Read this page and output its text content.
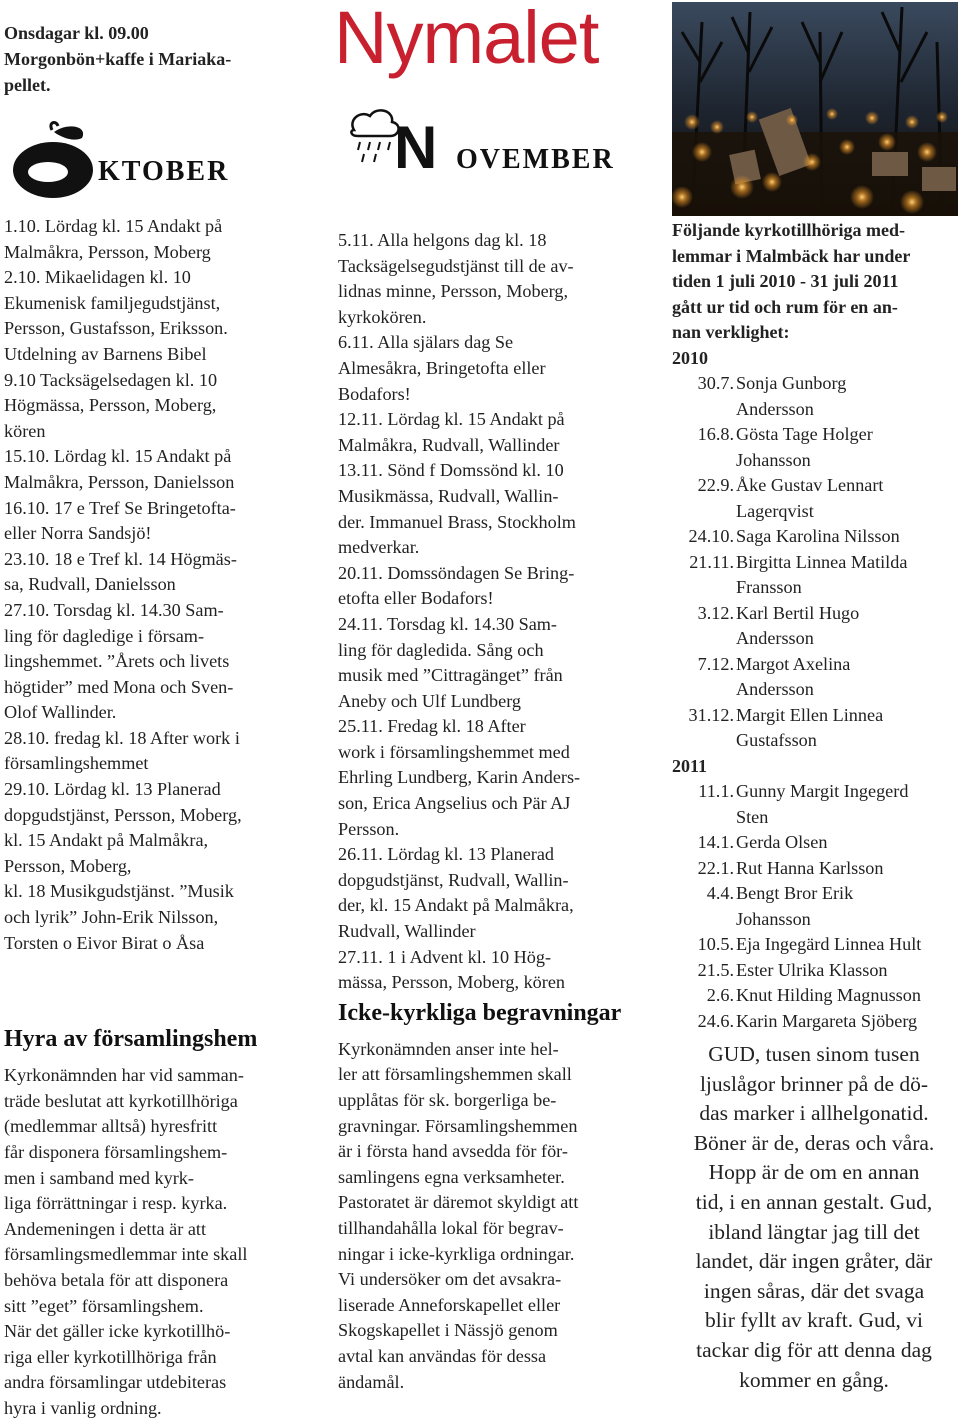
Nymalet
Onsdagar kl. 09.00
Morgonbön+kaffe i Mariaka-
pellet.
KTOBER
1.10. Lördag kl. 15 Andakt på
Malmåkra, Persson, Moberg
2.10. Mikaelidagen kl. 10
Ekumenisk familjegudstjänst,
Persson, Gustafsson, Eriksson.
Utdelning av Barnens Bibel
9.10 Tacksägelsedagen kl. 10
Högmässa, Persson, Moberg,
kören
15.10. Lördag kl. 15 Andakt på
Malmåkra, Persson, Danielsson
16.10. 17 e Tref Se Bringetofta-
eller Norra Sandsjö!
23.10. 18 e Tref kl. 14 Högmäs-
sa, Rudvall, Danielsson
27.10. Torsdag kl. 14.30 Sam-
ling för dagledige i försam-
lingshemmet. ”Årets och livets
högtider” med Mona och Sven-
Olof Wallinder.
28.10. fredag kl. 18 After work i
församlingshemmet
29.10. Lördag kl. 13 Planerad
dopgudstjänst, Persson, Moberg,
kl. 15 Andakt på Malmåkra,
Persson, Moberg,
kl. 18 Musikgudstjänst. ”Musik
och lyrik” John-Erik Nilsson,
Torsten o Eivor Birat o Åsa
Hyra av församlingshem
Kyrkonämnden har vid samman-
träde beslutat att kyrkotillhöriga
(medlemmar alltså) hyresfritt
får disponera församlingshem-
men i samband med kyrk-
liga förrättningar i resp. kyrka.
Andemeningen i detta är att
församlingsmedlemmar inte skall
behöva betala för att disponera
sitt ”eget” församlingshem.
När det gäller icke kyrkotillhö-
riga eller kyrkotillhöriga från
andra församlingar utdebiteras
hyra i vanlig ordning.
N OVEMBER
5.11. Alla helgons dag kl. 18
Tacksägelsegudstjänst till de av-
lidnas minne, Persson, Moberg,
kyrkokören.
6.11. Alla själars dag Se
Almesåkra, Bringetofta eller
Bodafors!
12.11. Lördag kl. 15 Andakt på
Malmåkra, Rudvall, Wallinder
13.11. Sönd f Domssönd kl. 10
Musikmässa, Rudvall, Wallin-
der. Immanuel Brass, Stockholm
medverkar.
20.11. Domssöndagen Se Bring-
etofta eller Bodafors!
24.11. Torsdag kl. 14.30 Sam-
ling för dagledida. Sång och
musik med ”Cittragänget” från
Aneby och Ulf Lundberg
25.11. Fredag kl. 18 After
work i församlingshemmet med
Ehrling Lundberg, Karin Anders-
son, Erica Angselius och Pär AJ
Persson.
26.11. Lördag kl. 13 Planerad
dopgudstjänst, Rudvall, Wallin-
der, kl. 15 Andakt på Malmåkra,
Rudvall, Wallinder
27.11. 1 i Advent kl. 10 Hög-
mässa, Persson, Moberg, kören
Icke-kyrkliga begravningar
Kyrkonämnden anser inte hel-
ler att församlingshemmen skall
upplåtas för sk. borgerliga be-
gravningar. Församlingshemmen
är i första hand avsedda för för-
samlingens egna verksamheter.
Pastoratet är däremot skyldigt att
tillhandahålla lokal för begrav-
ningar i icke-kyrkliga ordningar.
Vi undersöker om det avsakra-
liserade Anneforskapellet eller
Skogskapellet i Nässjö genom
avtal kan användas för dessa
ändamål.
Följande kyrkotillhöriga med-
lemmar i Malmbäck har under
tiden 1 juli 2010 - 31 juli 2011
gått ur tid och rum för en an-
nan verklighet:
2010
30.7. Sonja Gunborg
Andersson
16.8. Gösta Tage Holger
Johansson
22.9. Åke Gustav Lennart
Lagerqvist
24.10. Saga Karolina Nilsson
21.11. Birgitta Linnea Matilda
Fransson
3.12. Karl Bertil Hugo
Andersson
7.12. Margot Axelina
Andersson
31.12. Margit Ellen Linnea
Gustafsson
2011
11.1. Gunny Margit Ingegerd
Sten
14.1. Gerda Olsen
22.1. Rut Hanna Karlsson
4.4. Bengt Bror Erik
Johansson
10.5. Eja Ingegärd Linnea Hult
21.5. Ester Ulrika Klasson
2.6. Knut Hilding Magnusson
24.6. Karin Margareta Sjöberg
GUD, tusen sinom tusen
ljuslågor brinner på de dö-
das marker i allhelgonatid.
Böner är de, deras och våra.
Hopp är de om en annan
tid, i en annan gestalt. Gud,
ibland längtar jag till det
landet, där ingen gråter, där
ingen såras, där det svaga
blir fyllt av kraft. Gud, vi
tackar dig för att denna dag
kommer en gång.
